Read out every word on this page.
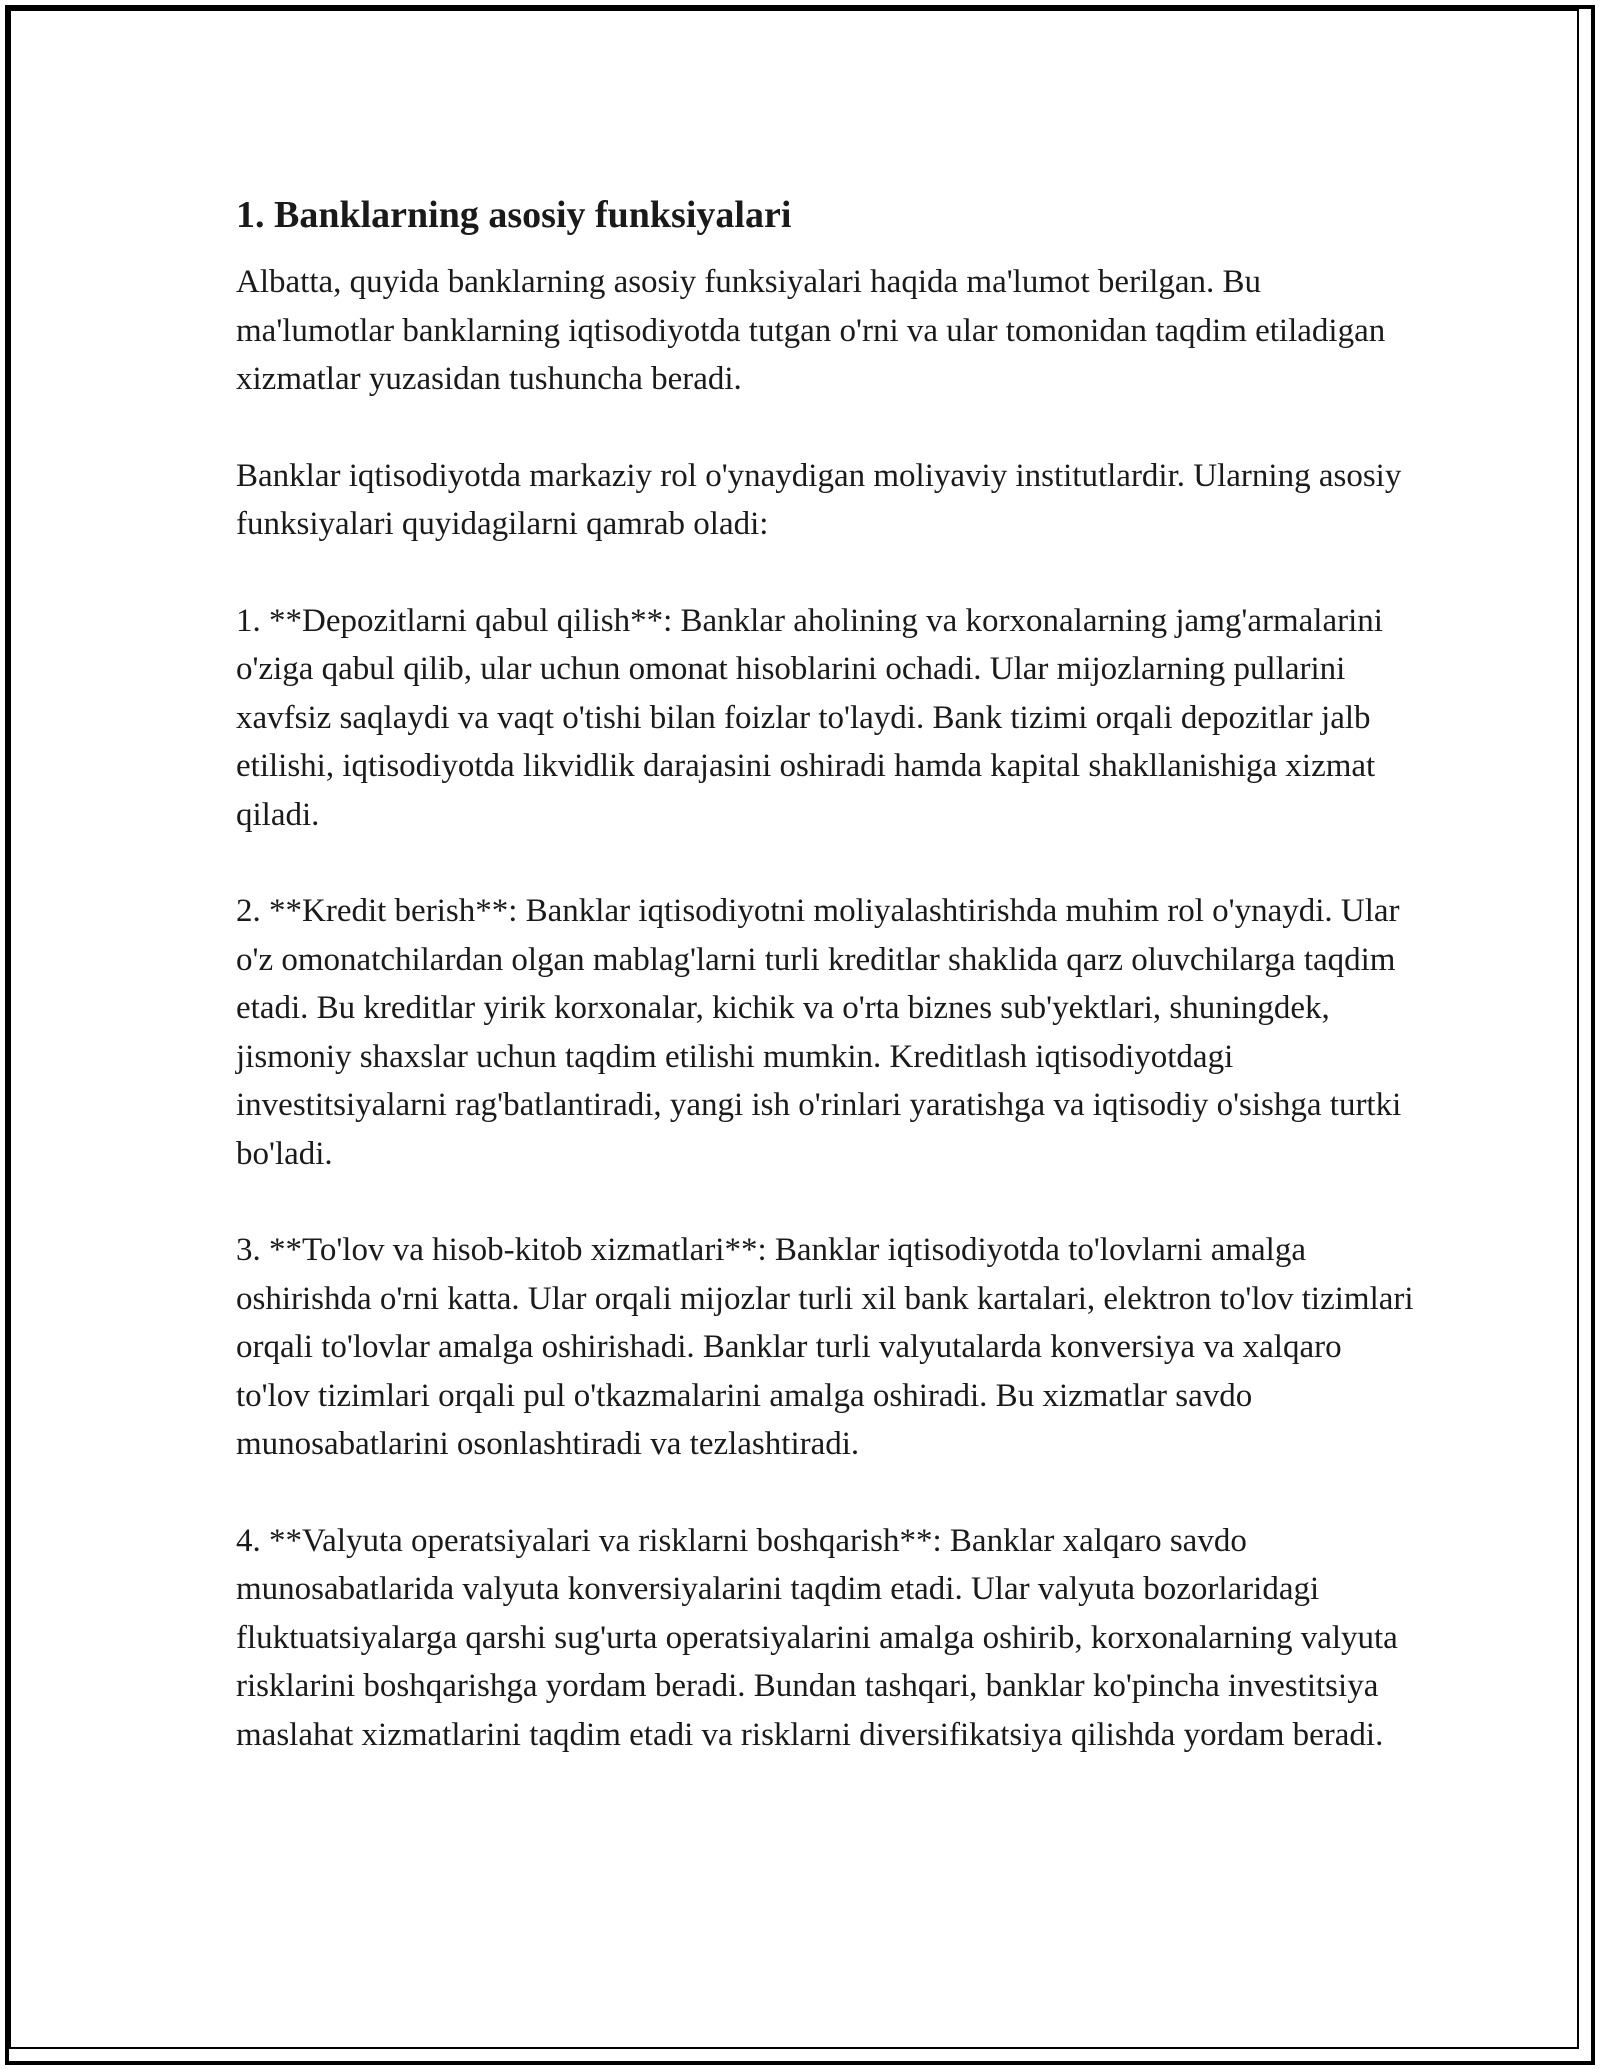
1. Banklarning asosiy funksiyalari

Albatta, quyida banklarning asosiy funksiyalari haqida ma'lumot berilgan. Bu ma'lumotlar banklarning iqtisodiyotda tutgan o'rni va ular tomonidan taqdim etiladigan xizmatlar yuzasidan tushuncha beradi.

Banklar iqtisodiyotda markaziy rol o'ynaydigan moliyaviy institutlardir. Ularning asosiy funksiyalari quyidagilarni qamrab oladi:

1. **Depozitlarni qabul qilish**: Banklar aholining va korxonalarning jamg'armalarini o'ziga qabul qilib, ular uchun omonat hisoblarini ochadi. Ular mijozlarning pullarini xavfsiz saqlaydi va vaqt o'tishi bilan foizlar to'laydi. Bank tizimi orqali depozitlar jalb etilishi, iqtisodiyotda likvidlik darajasini oshiradi hamda kapital shakllanishiga xizmat qiladi.

2. **Kredit berish**: Banklar iqtisodiyotni moliyalashtirishda muhim rol o'ynaydi. Ular o'z omonatchilardan olgan mablag'larni turli kreditlar shaklida qarz oluvchilarga taqdim etadi. Bu kreditlar yirik korxonalar, kichik va o'rta biznes sub'yektlari, shuningdek, jismoniy shaxslar uchun taqdim etilishi mumkin. Kreditlash iqtisodiyotdagi investitsiyalarni rag'batlantiradi, yangi ish o'rinlari yaratishga va iqtisodiy o'sishga turtki bo'ladi.

3. **To'lov va hisob-kitob xizmatlari**: Banklar iqtisodiyotda to'lovlarni amalga oshirishda o'rni katta. Ular orqali mijozlar turli xil bank kartalari, elektron to'lov tizimlari orqali to'lovlar amalga oshirishadi. Banklar turli valyutalarda konversiya va xalqaro to'lov tizimlari orqali pul o'tkazmalarini amalga oshiradi. Bu xizmatlar savdo munosabatlarini osonlashtiradi va tezlashtiradi.

4. **Valyuta operatsiyalari va risklarni boshqarish**: Banklar xalqaro savdo munosabatlarida valyuta konversiyalarini taqdim etadi. Ular valyuta bozorlaridagi fluktuatsiyalarga qarshi sug'urta operatsiyalarini amalga oshirib, korxonalarning valyuta risklarini boshqarishga yordam beradi. Bundan tashqari, banklar ko'pincha investitsiya maslahat xizmatlarini taqdim etadi va risklarni diversifikatsiya qilishda yordam beradi.
